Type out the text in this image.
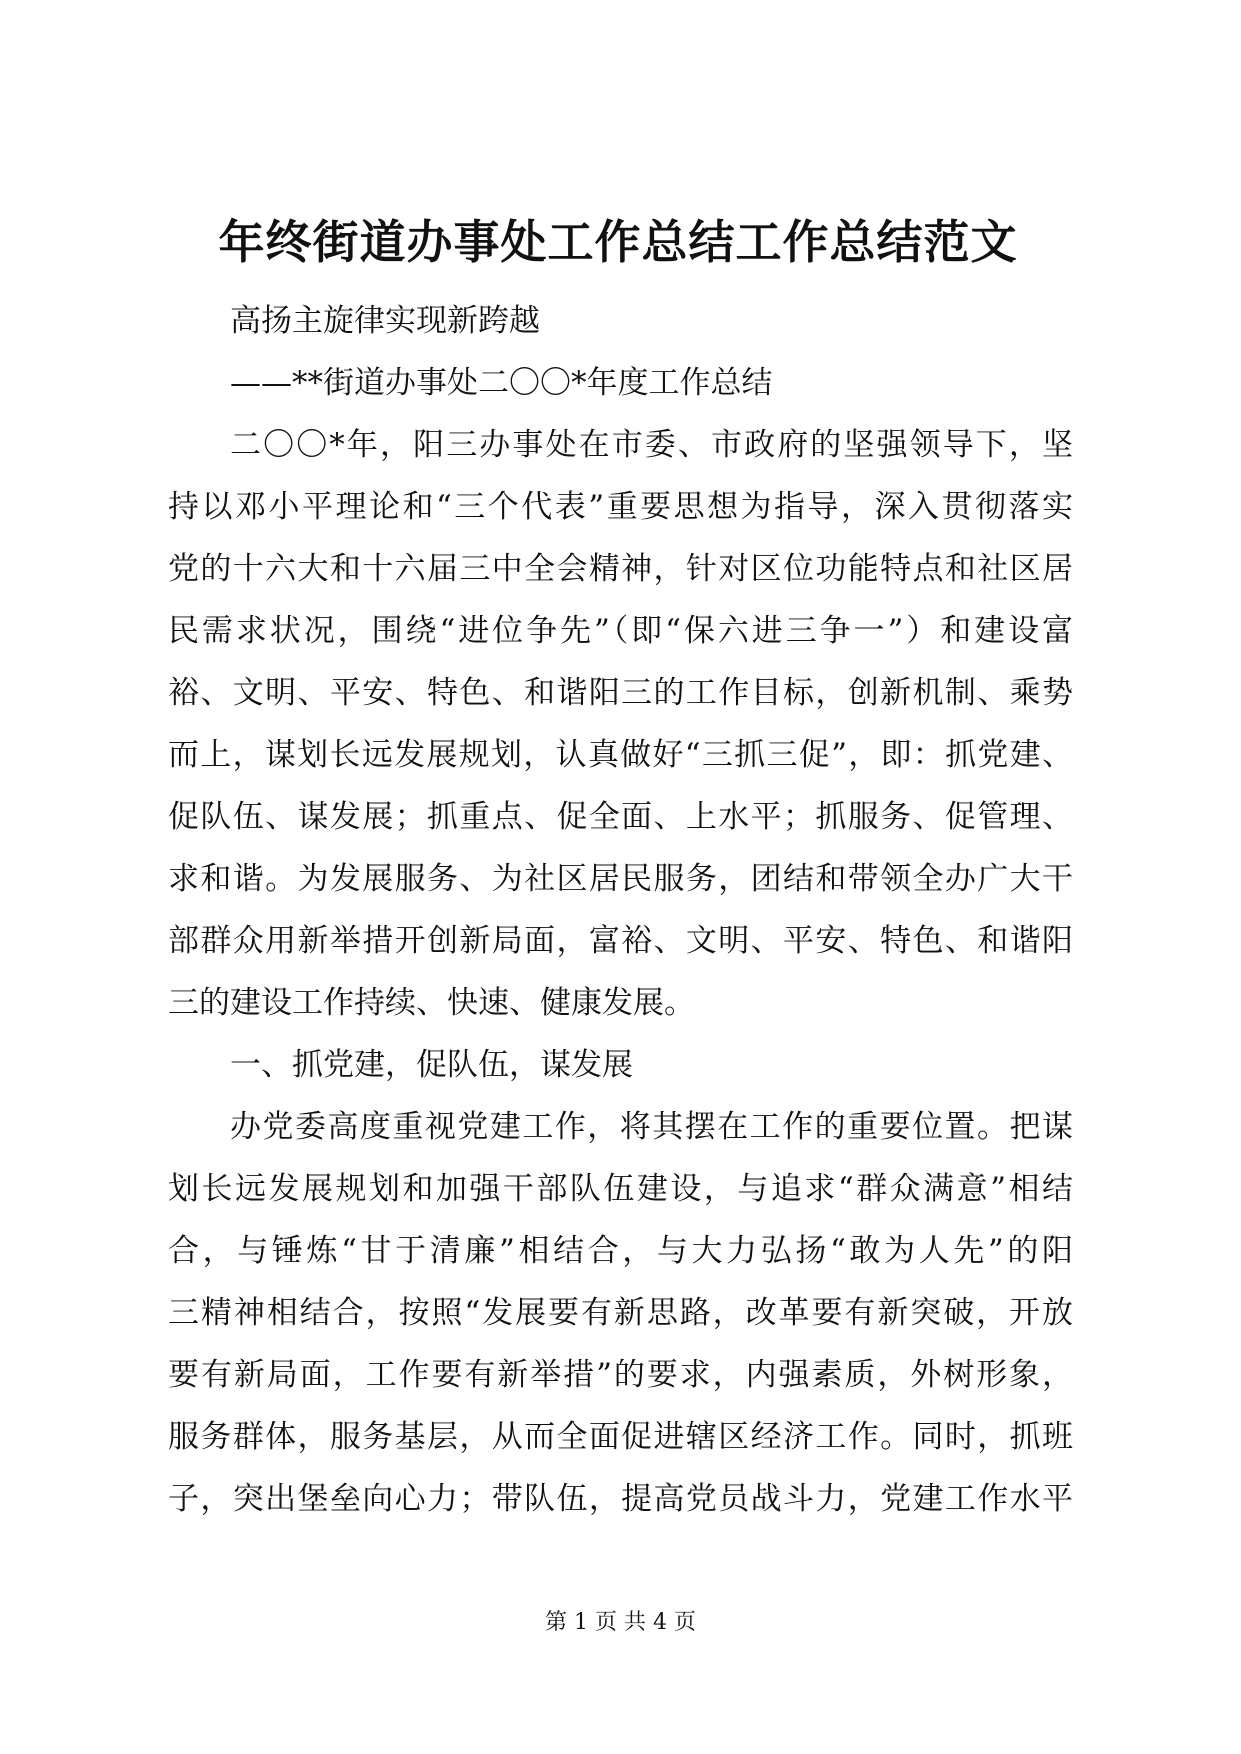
年终街道办事处工作总结工作总结范文
高扬主旋律实现新跨越
——**街道办事处二〇〇*年度工作总结
二〇〇*年，阳三办事处在市委、市政府的坚强领导下，坚
持以邓小平理论和“三个代表”重要思想为指导，深入贯彻落实
党的十六大和十六届三中全会精神，针对区位功能特点和社区居
民需求状况，围绕“进位争先”（即“保六进三争一”）和建设富
裕、文明、平安、特色、和谐阳三的工作目标，创新机制、乘势
而上，谋划长远发展规划，认真做好“三抓三促”，即：抓党建、
促队伍、谋发展；抓重点、促全面、上水平；抓服务、促管理、
求和谐。为发展服务、为社区居民服务，团结和带领全办广大干
部群众用新举措开创新局面，富裕、文明、平安、特色、和谐阳
三的建设工作持续、快速、健康发展。
一、抓党建，促队伍，谋发展
办党委高度重视党建工作，将其摆在工作的重要位置。把谋
划长远发展规划和加强干部队伍建设，与追求“群众满意”相结
合，与锤炼“甘于清廉”相结合，与大力弘扬“敢为人先”的阳
三精神相结合，按照“发展要有新思路，改革要有新突破，开放
要有新局面，工作要有新举措”的要求，内强素质，外树形象，
服务群体，服务基层，从而全面促进辖区经济工作。同时，抓班
子，突出堡垒向心力；带队伍，提高党员战斗力，党建工作水平
第 1 页 共 4 页
